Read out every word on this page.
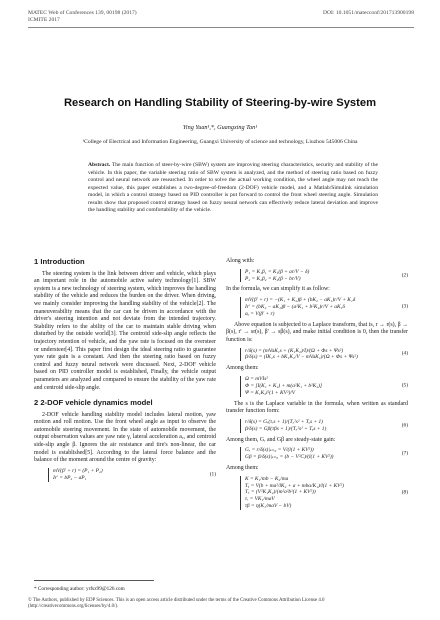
MATEC Web of Conferences 139, 00198 (2017)
ICMITE 2017
DOI: 10.1051/matecconf/201713900198
Research on Handling Stability of Steering-by-wire System
Ying Yuan¹,*, Guangxing Tan¹
¹College of Electrical and Information Engineering, Guangxi University of science and technology, Liuzhou 545006 China
Abstract. The main function of steer-by-wire (SBW) system are improving steering characteristics, security and stability of the vehicle. In this paper, the variable steering ratio of SBW system is analyzed, and the method of steering ratio based on fuzzy control and neural network are researched. In order to solve the actual working condition, the wheel angle may not reach the expected value, this paper establishes a two-degree-of-freedom (2-DOF) vehicle model, and a Matlab/Simulink simulation model, in which a control strategy based on PID controller is put forward to control the front wheel steering angle. Simulation results show that proposed control strategy based on fuzzy neural network can effectively reduce lateral deviation and improve the handling stability and comfortability of the vehicle.
1 Introduction

The steering system is the link between driver and vehicle, which plays an important role in the automobile active safety technology[1]. SBW system is a new technology of steering system, which improves the handling stability of the vehicle and reduces the burden on the driver. When driving, we mainly consider improving the handling stability of the vehicle[2]. The maneuverability means that the car can be driven in accordance with the driver's steering intention and not deviate from the intended trajectory. Stability refers to the ability of the car to maintain stable driving when disturbed by the outside world[3]. The centroid side-slip angle reflects the trajectory retention of vehicle, and the yaw rate is focused on the oversteer or understeer[4]. This paper first design the ideal steering ratio to guarantee yaw rate gain is a constant. And then the steering ratio based on fuzzy control and fuzzy neural network were discussed. Next, 2-DOF vehicle based on PID controller model is established, Finally, the vehicle output parameters are analyzed and compared to ensure the stability of the yaw rate and centroid side-slip angle.

2 2-DOF vehicle dynamics model

2-DOF vehicle handling stability model includes lateral motion, yaw motion and roll motion. Use the front wheel angle as input to observe the automobile steering movement. In the state of automobile movement, the output observation values are yaw rate γ, lateral acceleration aᵧ, and centroid side-slip angle β. Ignores the air resistance and tire's non-linear, the car model is established[5]. According to the lateral force balance and the balance of the moment around the centre of gravity:

mV(β' + r) = (P₁ + P₂)
Ir' = bP₂ − aP₁
(1)

Along with:

P₁ = K₁β₁ = K₁(β + ar/V − δ)
P₂ = K₂β₂ = K₂(β − br/V)
(2)

In the formula, we can simplify it as follow:

mV(β' + r) = −(K₁ + K₂)β + (bK₂ − aK₁)r/V + K₁δ
Ir' = (bK₂ − aK₁)β − (a²K₁ + b²K₂)r/V + aK₁δ
aᵧ = V(β' + r)
(3)

Above equation is subjected to a Laplace transform, that is, r → r(s), β → β(s), r' → sr(s), β' → sβ(s), and make initial condition is 0, then the transfer function is:

r/δ(s) = (mVaK₁s + (K₁K₂)/I)/(Ω + Φs + Ψs²)
β/δ(s) = (IK₁s + bK₁K₂/V − mVaK₁)/(Ω + Φs + Ψs²)
(4)

Among them:

Ω = mVIs²
Φ = [I(K₁ + K₂) + m(a²K₁ + b²K₂)]
Ψ = K₁K₂l²(1 + KV²)/V
(5)

The s is the Laplace variable in the formula, when written as standard transfer function form:

r/δ(s) = Gᵣ(τᵣs + 1)/(Tₓ²s² + Tᵧs + 1)
β/δ(s) = Gβ(τβs + 1)/(Tₓ²s² + Tᵧs + 1)
(6)

Among them, Gᵣ and Gβ are steady-state gain:

Gᵣ = r/δ(s)|ₛ₌₀ = V/(l(1 + KV²))
Gβ = β/δ(s)|ₛ₌₀ = (b − V²C)/(l(1 + KV²))
(7)

Among them:

K = K₁/mb − K₂/ma
Tᵧ = V(b + ma²/lK₂ + a + mba/K₁)/l(1 + KV²)
Tₓ = (V²K₁K₂)/(m²a²b²(1 + KV²))
τᵣ = VK₁/maV
τβ = η(K₁/maV − bV)
(8)
* Corresponding author: yrfsx99@126.com
© The Authors, published by EDP Sciences. This is an open access article distributed under the terms of the Creative Commons Attribution License 4.0 (http://creativecommons.org/licenses/by/4.0/).
